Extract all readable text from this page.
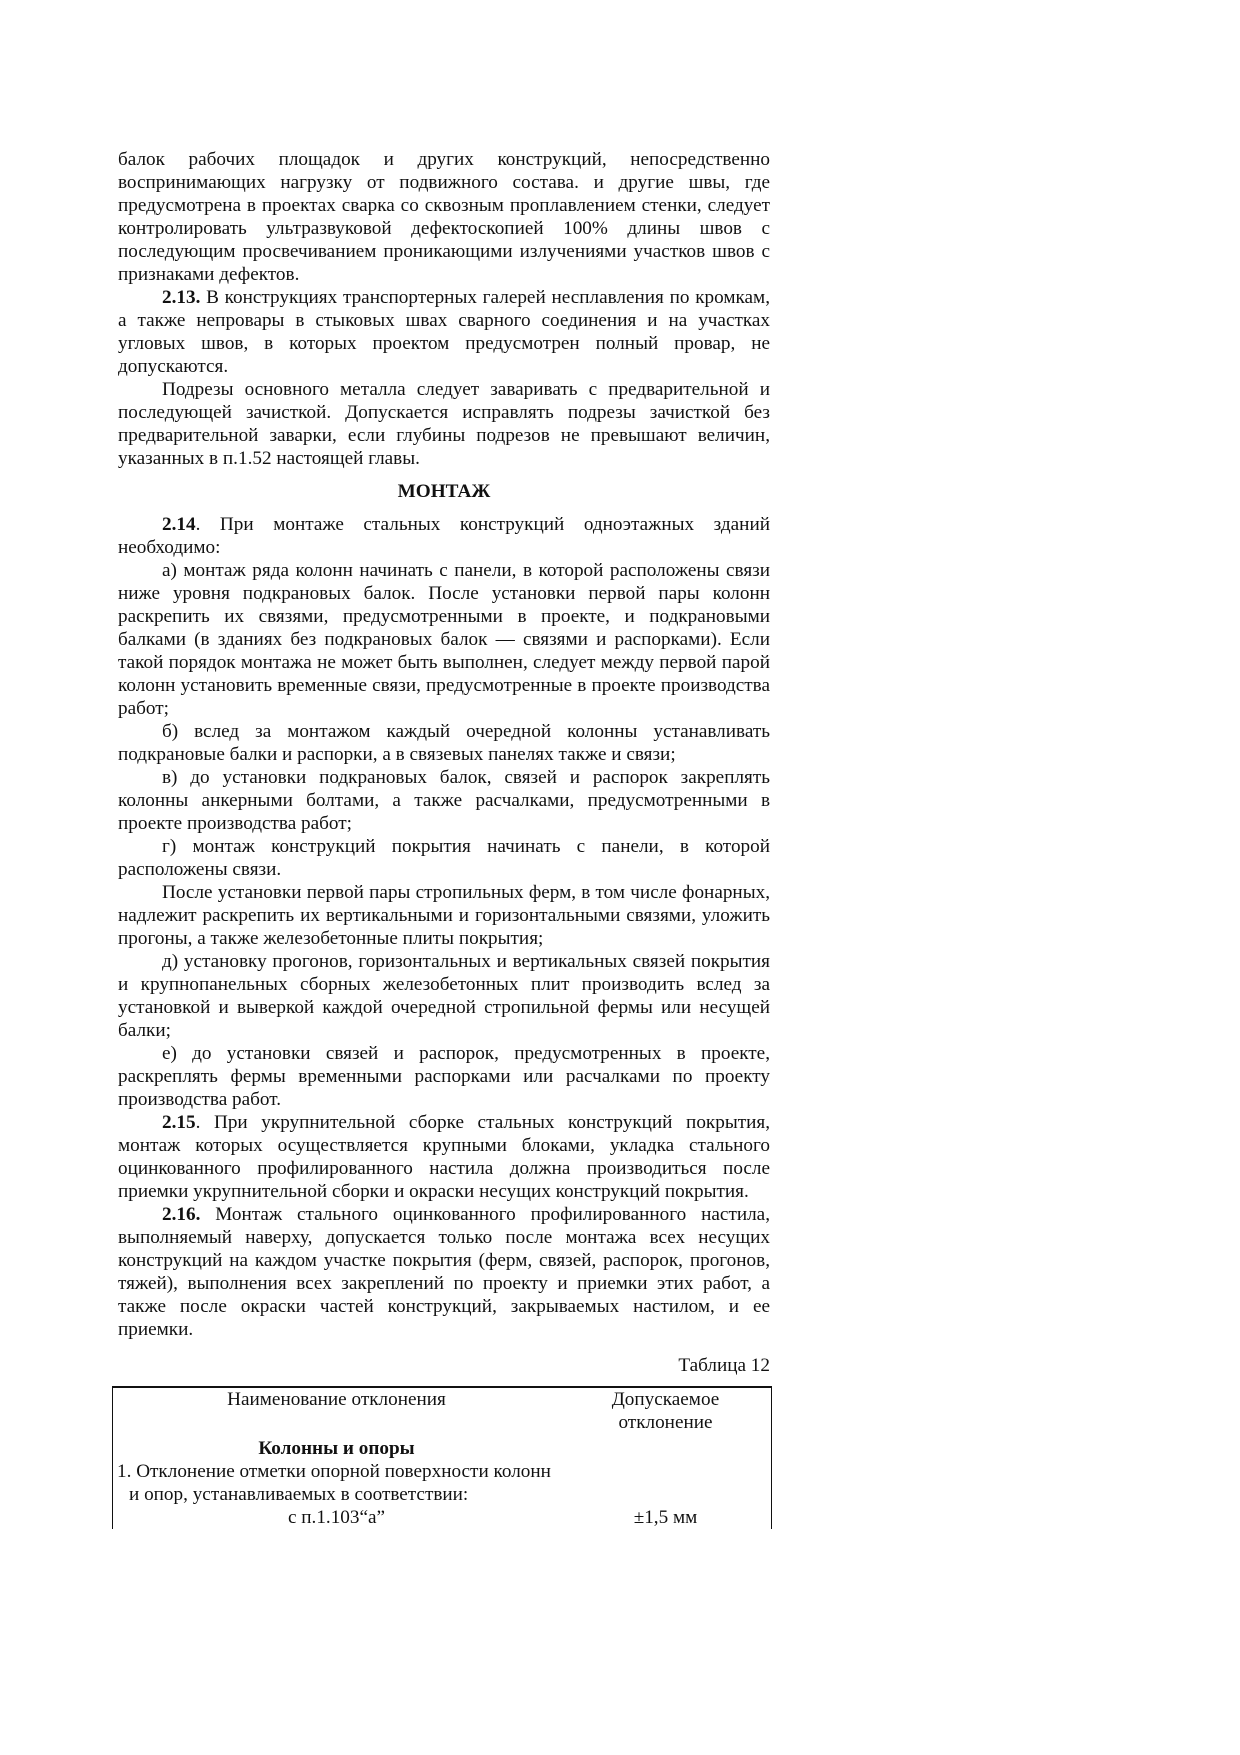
балок рабочих площадок и других конструкций, непосредственно воспринимающих нагрузку от подвижного состава. и другие швы, где предусмотрена в проектах сварка со сквозным проплавлением стенки, следует контролировать ультразвуковой дефектоскопией 100% длины швов с последующим просвечиванием проникающими излучениями участков швов с признаками дефектов.

2.13. В конструкциях транспортерных галерей несплавления по кромкам, а также непровары в стыковых швах сварного соединения и на участках угловых швов, в которых проектом предусмотрен полный провар, не допускаются.

Подрезы основного металла следует заваривать с предварительной и последующей зачисткой. Допускается исправлять подрезы зачисткой без предварительной заварки, если глубины подрезов не превышают величин, указанных в п.1.52 настоящей главы.

МОНТАЖ

2.14. При монтаже стальных конструкций одноэтажных зданий необходимо:

а) монтаж ряда колонн начинать с панели, в которой расположены связи ниже уровня подкрановых балок. После установки первой пары колонн раскрепить их связями, предусмотренными в проекте, и подкрановыми балками (в зданиях без подкрановых балок — связями и распорками). Если такой порядок монтажа не может быть выполнен, следует между первой парой колонн установить временные связи, предусмотренные в проекте производства работ;

б) вслед за монтажом каждый очередной колонны устанавливать подкрановые балки и распорки, а в связевых панелях также и связи;

в) до установки подкрановых балок, связей и распорок закреплять колонны анкерными болтами, а также расчалками, предусмотренными в проекте производства работ;

г) монтаж конструкций покрытия начинать с панели, в которой расположены связи.

После установки первой пары стропильных ферм, в том числе фонарных, надлежит раскрепить их вертикальными и горизонтальными связями, уложить прогоны, а также железобетонные плиты покрытия;

д) установку прогонов, горизонтальных и вертикальных связей покрытия и крупнопанельных сборных железобетонных плит производить вслед за установкой и выверкой каждой очередной стропильной фермы или несущей балки;

е) до установки связей и распорок, предусмотренных в проекте, раскреплять фермы временными распорками или расчалками по проекту производства работ.

2.15. При укрупнительной сборке стальных конструкций покрытия, монтаж которых осуществляется крупными блоками, укладка стального оцинкованного профилированного настила должна производиться после приемки укрупнительной сборки и окраски несущих конструкций покрытия.

2.16. Монтаж стального оцинкованного профилированного настила, выполняемый наверху, допускается только после монтажа всех несущих конструкций на каждом участке покрытия (ферм, связей, распорок, прогонов, тяжей), выполнения всех закреплений по проекту и приемки этих работ, а также после окраски частей конструкций, закрываемых настилом, и ее приемки.

Таблица 12
Наименование отклонения	Допускаемое отклонение
Колонны и опоры	
1. Отклонение отметки опорной поверхности колонн и опор, устанавливаемых в соответствии:	
с п.1.103“а”	±1,5 мм
